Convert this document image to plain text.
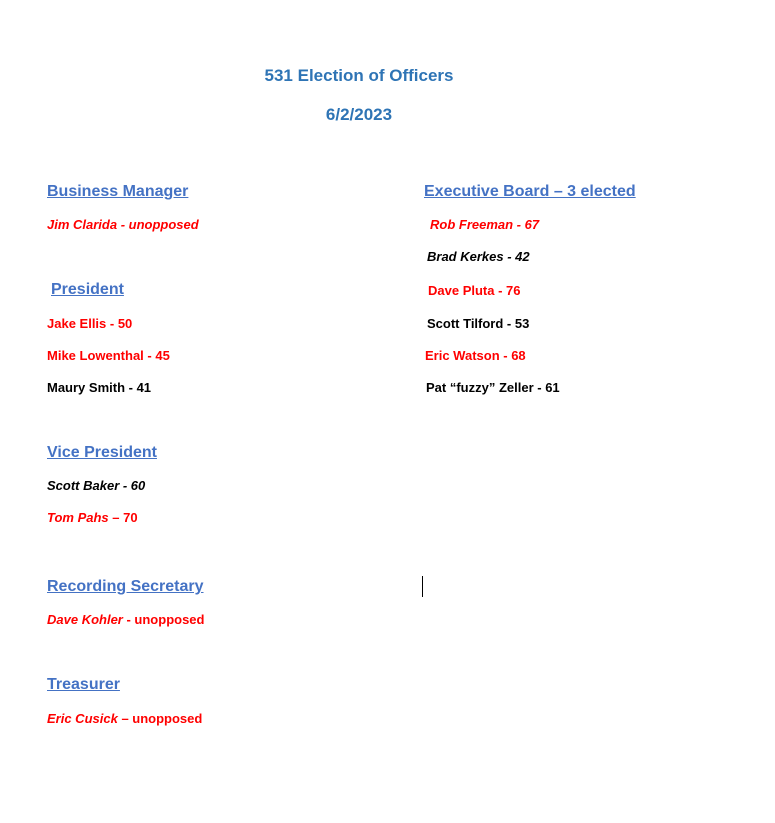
531 Election of Officers
6/2/2023
Business Manager
Jim Clarida - unopposed
President
Jake Ellis - 50
Mike Lowenthal - 45
Maury Smith - 41
Vice President
Scott Baker - 60
Tom Pahs – 70
Recording Secretary
Dave Kohler - unopposed
Treasurer
Eric Cusick – unopposed
Executive Board – 3 elected
Rob Freeman - 67
Brad Kerkes - 42
Dave Pluta - 76
Scott Tilford - 53
Eric Watson - 68
Pat “fuzzy” Zeller - 61
